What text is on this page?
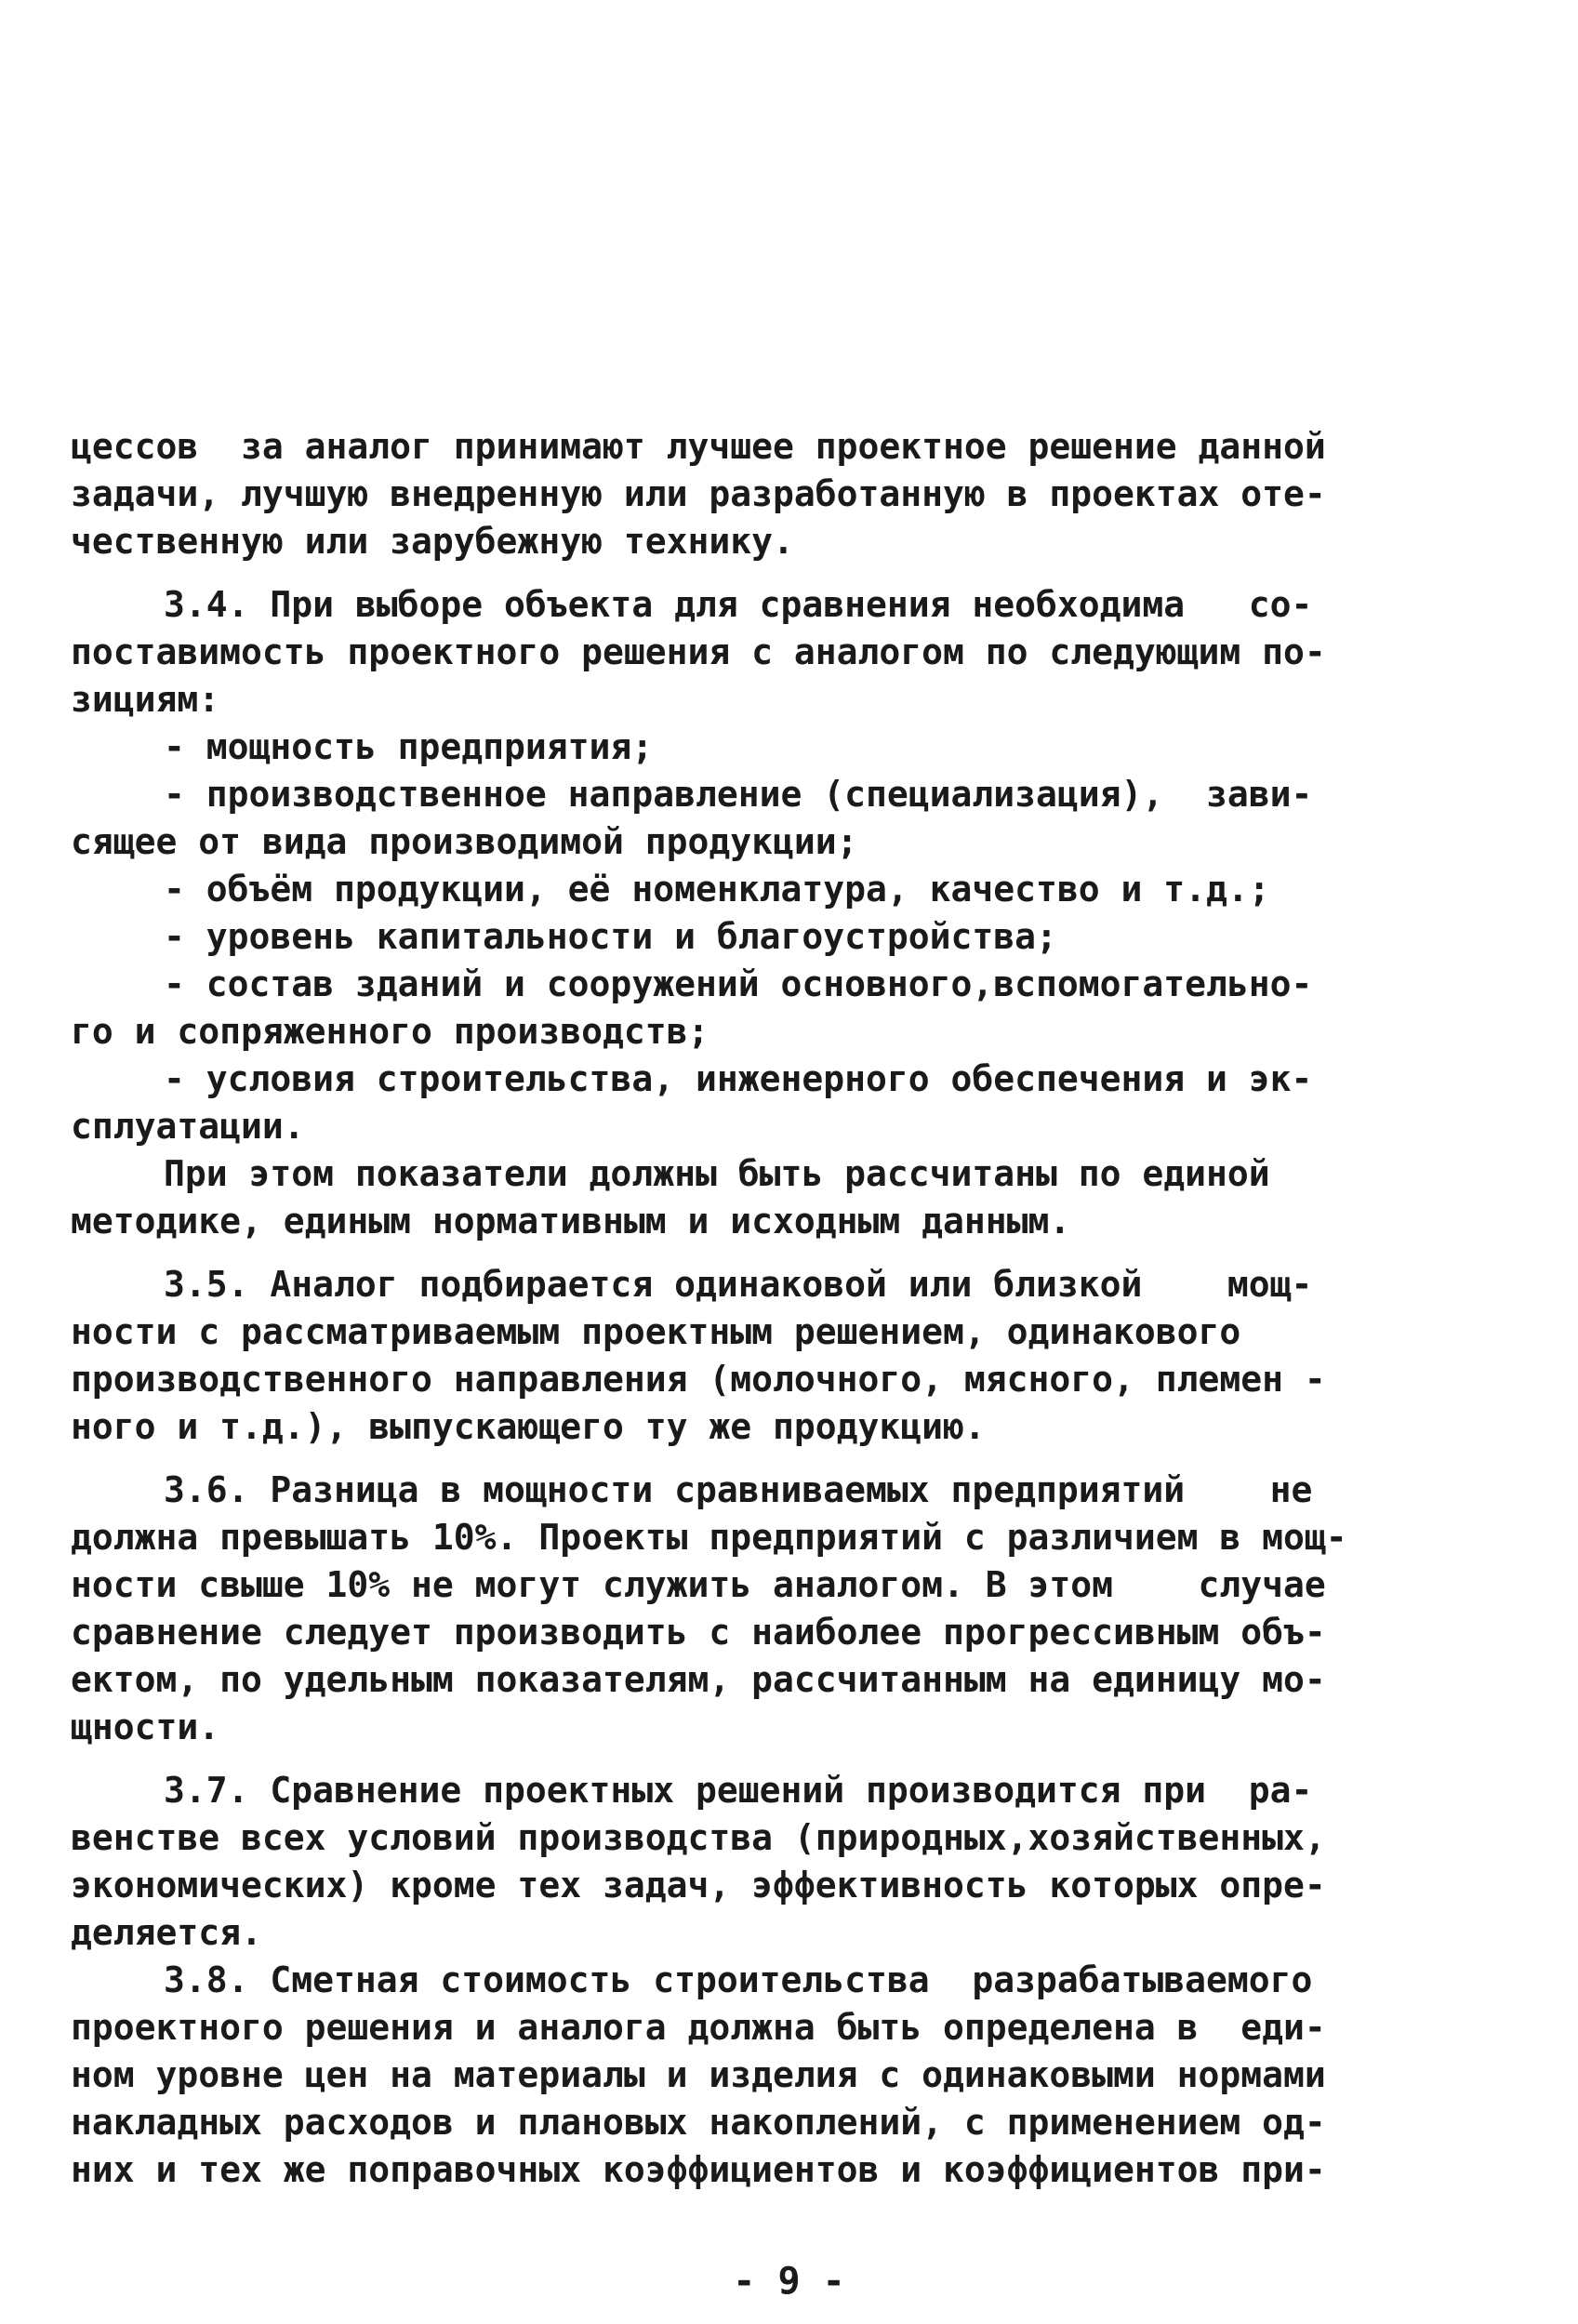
цессов  за аналог принимают лучшее проектное решение данной
задачи, лучшую внедренную или разработанную в проектах оте-
чественную или зарубежную технику.
3.4. При выборе объекта для сравнения необходима   со-
поставимость проектного решения с аналогом по следующим по-
зициям:
- мощность предприятия;
- производственное направление (специализация),  зави-
сящее от вида производимой продукции;
- объём продукции, её номенклатура, качество и т.д.;
- уровень капитальности и благоустройства;
- состав зданий и сооружений основного,вспомогательно-
го и сопряженного производств;
- условия строительства, инженерного обеспечения и эк-
сплуатации.
При этом показатели должны быть рассчитаны по единой
методике, единым нормативным и исходным данным.
3.5. Аналог подбирается одинаковой или близкой    мощ-
ности с рассматриваемым проектным решением, одинакового
производственного направления (молочного, мясного, племен -
ного и т.д.), выпускающего ту же продукцию.
3.6. Разница в мощности сравниваемых предприятий    не
должна превышать 10%. Проекты предприятий с различием в мощ-
ности свыше 10% не могут служить аналогом. В этом    случае
сравнение следует производить с наиболее прогрессивным объ-
ектом, по удельным показателям, рассчитанным на единицу мо-
щности.
3.7. Сравнение проектных решений производится при  ра-
венстве всех условий производства (природных,хозяйственных,
экономических) кроме тех задач, эффективность которых опре-
деляется.
3.8. Сметная стоимость строительства  разрабатываемого
проектного решения и аналога должна быть определена в  еди-
ном уровне цен на материалы и изделия с одинаковыми нормами
накладных расходов и плановых накоплений, с применением од-
них и тех же поправочных коэффициентов и коэффициентов при-
- 9 -
